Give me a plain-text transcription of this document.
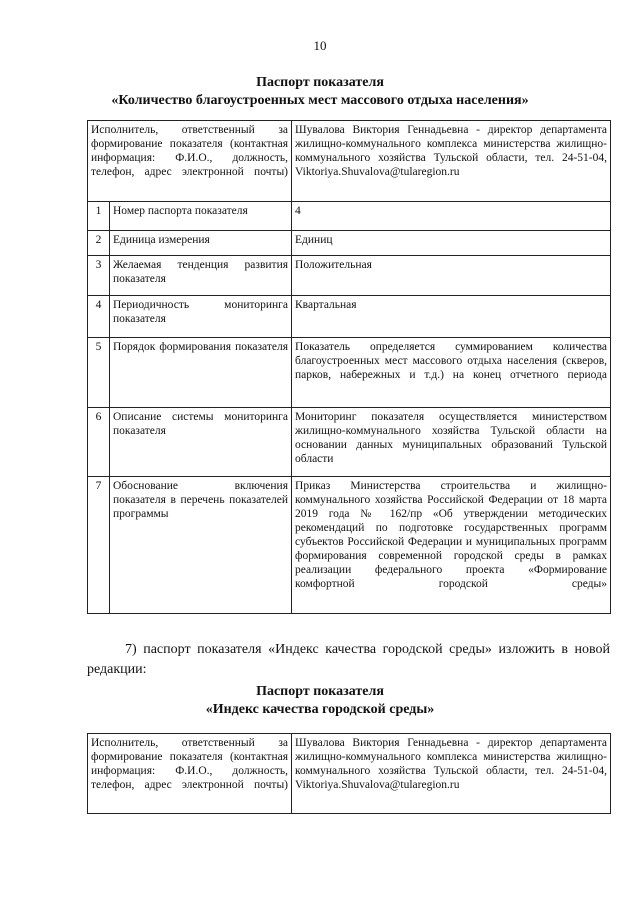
10
Паспорт показателя
«Количество благоустроенных мест массового отдыха населения»
Исполнитель, ответственный за формирование показателя (контактная информация: Ф.И.О., должность, телефон, адрес электронной почты)		Шувалова Виктория Геннадьевна - директор департамента жилищно-коммунального комплекса министерства жилищно-коммунального хозяйства Тульской области, тел. 24-51-04, Viktoriya.Shuvalova@tularegion.ru
1	Номер паспорта показателя	4
2	Единица измерения	Единиц
3	Желаемая тенденция развития показателя	Положительная
4	Периодичность мониторинга показателя	Квартальная
5	Порядок формирования показателя	Показатель определяется суммированием количества благоустроенных мест массового отдыха населения (скверов, парков, набережных и т.д.) на конец отчетного периода
6	Описание системы мониторинга показателя	Мониторинг показателя осуществляется министерством жилищно-коммунального хозяйства Тульской области на основании данных муниципальных образований Тульской области
7	Обоснование включения показателя в перечень показателей программы	Приказ Министерства строительства и жилищно-коммунального хозяйства Российской Федерации от 18 марта 2019 года № 162/пр «Об утверждении методических рекомендаций по подготовке государственных программ субъектов Российской Федерации и муниципальных программ формирования современной городской среды в рамках реализации федерального проекта «Формирование комфортной городской среды»
7) паспорт показателя «Индекс качества городской среды» изложить в новой редакции:
Паспорт показателя
«Индекс качества городской среды»
Исполнитель, ответственный за формирование показателя (контактная информация: Ф.И.О., должность, телефон, адрес электронной почты)	Шувалова Виктория Геннадьевна - директор департамента жилищно-коммунального комплекса министерства жилищно-коммунального хозяйства Тульской области, тел. 24-51-04, Viktoriya.Shuvalova@tularegion.ru
